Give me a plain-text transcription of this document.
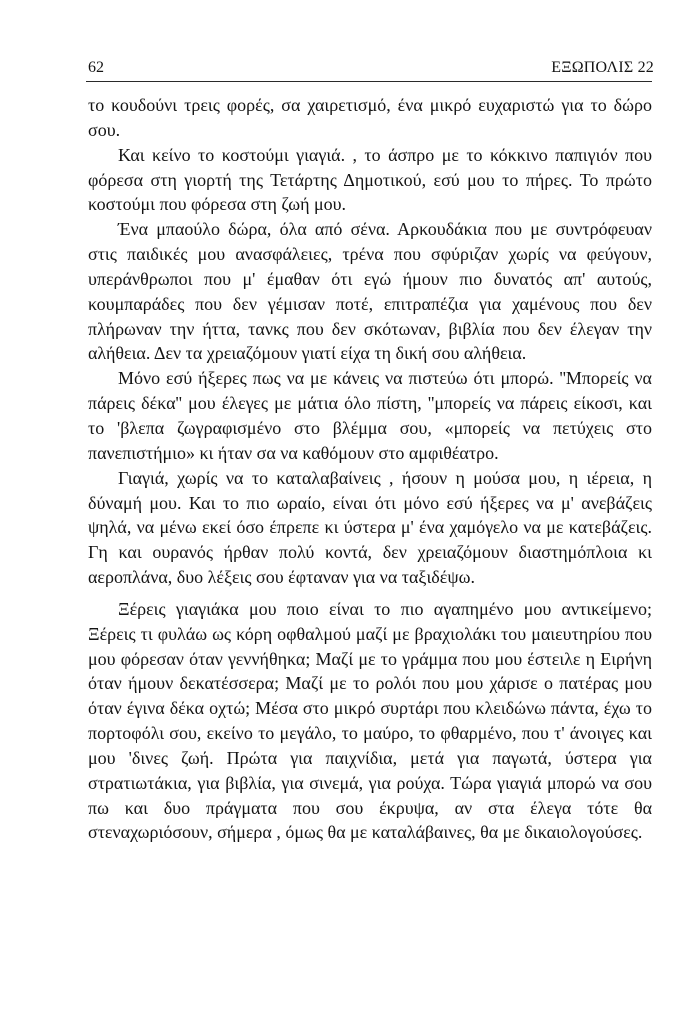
62	ΕΞΩΠΟΛΙΣ 22

το κουδούνι τρεις φορές, σα χαιρετισμό, ένα μικρό ευχαριστώ για το δώρο σου.

Και κείνο το κοστούμι γιαγιά. , το άσπρο με το κόκκινο παπιγιόν που φόρεσα στη γιορτή της Τετάρτης Δημοτικού, εσύ μου το πήρες. Το πρώτο κοστούμι που φόρεσα στη ζωή μου.

Ένα μπαούλο δώρα, όλα από σένα. Αρκουδάκια που με συντρόφευαν στις παιδικές μου ανασφάλειες, τρένα που σφύριζαν χωρίς να φεύγουν, υπεράνθρωποι που μ' έμαθαν ότι εγώ ήμουν πιο δυνατός απ' αυτούς, κουμπαράδες που δεν γέμισαν ποτέ, επιτραπέζια για χαμένους που δεν πλήρωναν την ήττα, τανκς που δεν σκότωναν, βιβλία που δεν έλεγαν την αλήθεια. Δεν τα χρειαζόμουν γιατί είχα τη δική σου αλήθεια.

Μόνο εσύ ήξερες πως να με κάνεις να πιστεύω ότι μπορώ. ''Μπορείς να πάρεις δέκα'' μου έλεγες με μάτια όλο πίστη, ''μπορείς να πάρεις είκοσι, και το 'βλεπα ζωγραφισμένο στο βλέμμα σου, «μπορείς να πετύχεις στο πανεπιστήμιο» κι ήταν σα να καθόμουν στο αμφιθέατρο.

Γιαγιά, χωρίς να το καταλαβαίνεις , ήσουν η μούσα μου, η ιέρεια, η δύναμή μου. Και το πιο ωραίο, είναι ότι μόνο εσύ ήξερες να μ' ανεβάζεις ψηλά, να μένω εκεί όσο έπρεπε κι ύστερα μ' ένα χαμόγελο να με κατεβάζεις. Γη και ουρανός ήρθαν πολύ κοντά, δεν χρειαζόμουν διαστημόπλοια κι αεροπλάνα, δυο λέξεις σου έφταναν για να ταξιδέψω.

Ξέρεις γιαγιάκα μου ποιο είναι το πιο αγαπημένο μου αντικείμενο; Ξέρεις τι φυλάω ως κόρη οφθαλμού μαζί με βραχιολάκι του μαιευτηρίου που μου φόρεσαν όταν γεννήθηκα; Μαζί με το γράμμα που μου έστειλε η Ειρήνη όταν ήμουν δεκατέσσερα; Μαζί με το ρολόι που μου χάρισε ο πατέρας μου όταν έγινα δέκα οχτώ; Μέσα στο μικρό συρτάρι που κλειδώνω πάντα, έχω το πορτοφόλι σου, εκείνο το μεγάλο, το μαύρο, το φθαρμένο, που τ' άνοιγες και μου 'δινες ζωή. Πρώτα για παιχνίδια, μετά για παγωτά, ύστερα για στρατιωτάκια, για βιβλία, για σινεμά, για ρούχα. Τώρα γιαγιά μπορώ να σου πω και δυο πράγματα που σου έκρυψα, αν στα έλεγα τότε θα στεναχωριόσουν, σήμερα , όμως θα με καταλάβαινες, θα με δικαιολογούσες.
